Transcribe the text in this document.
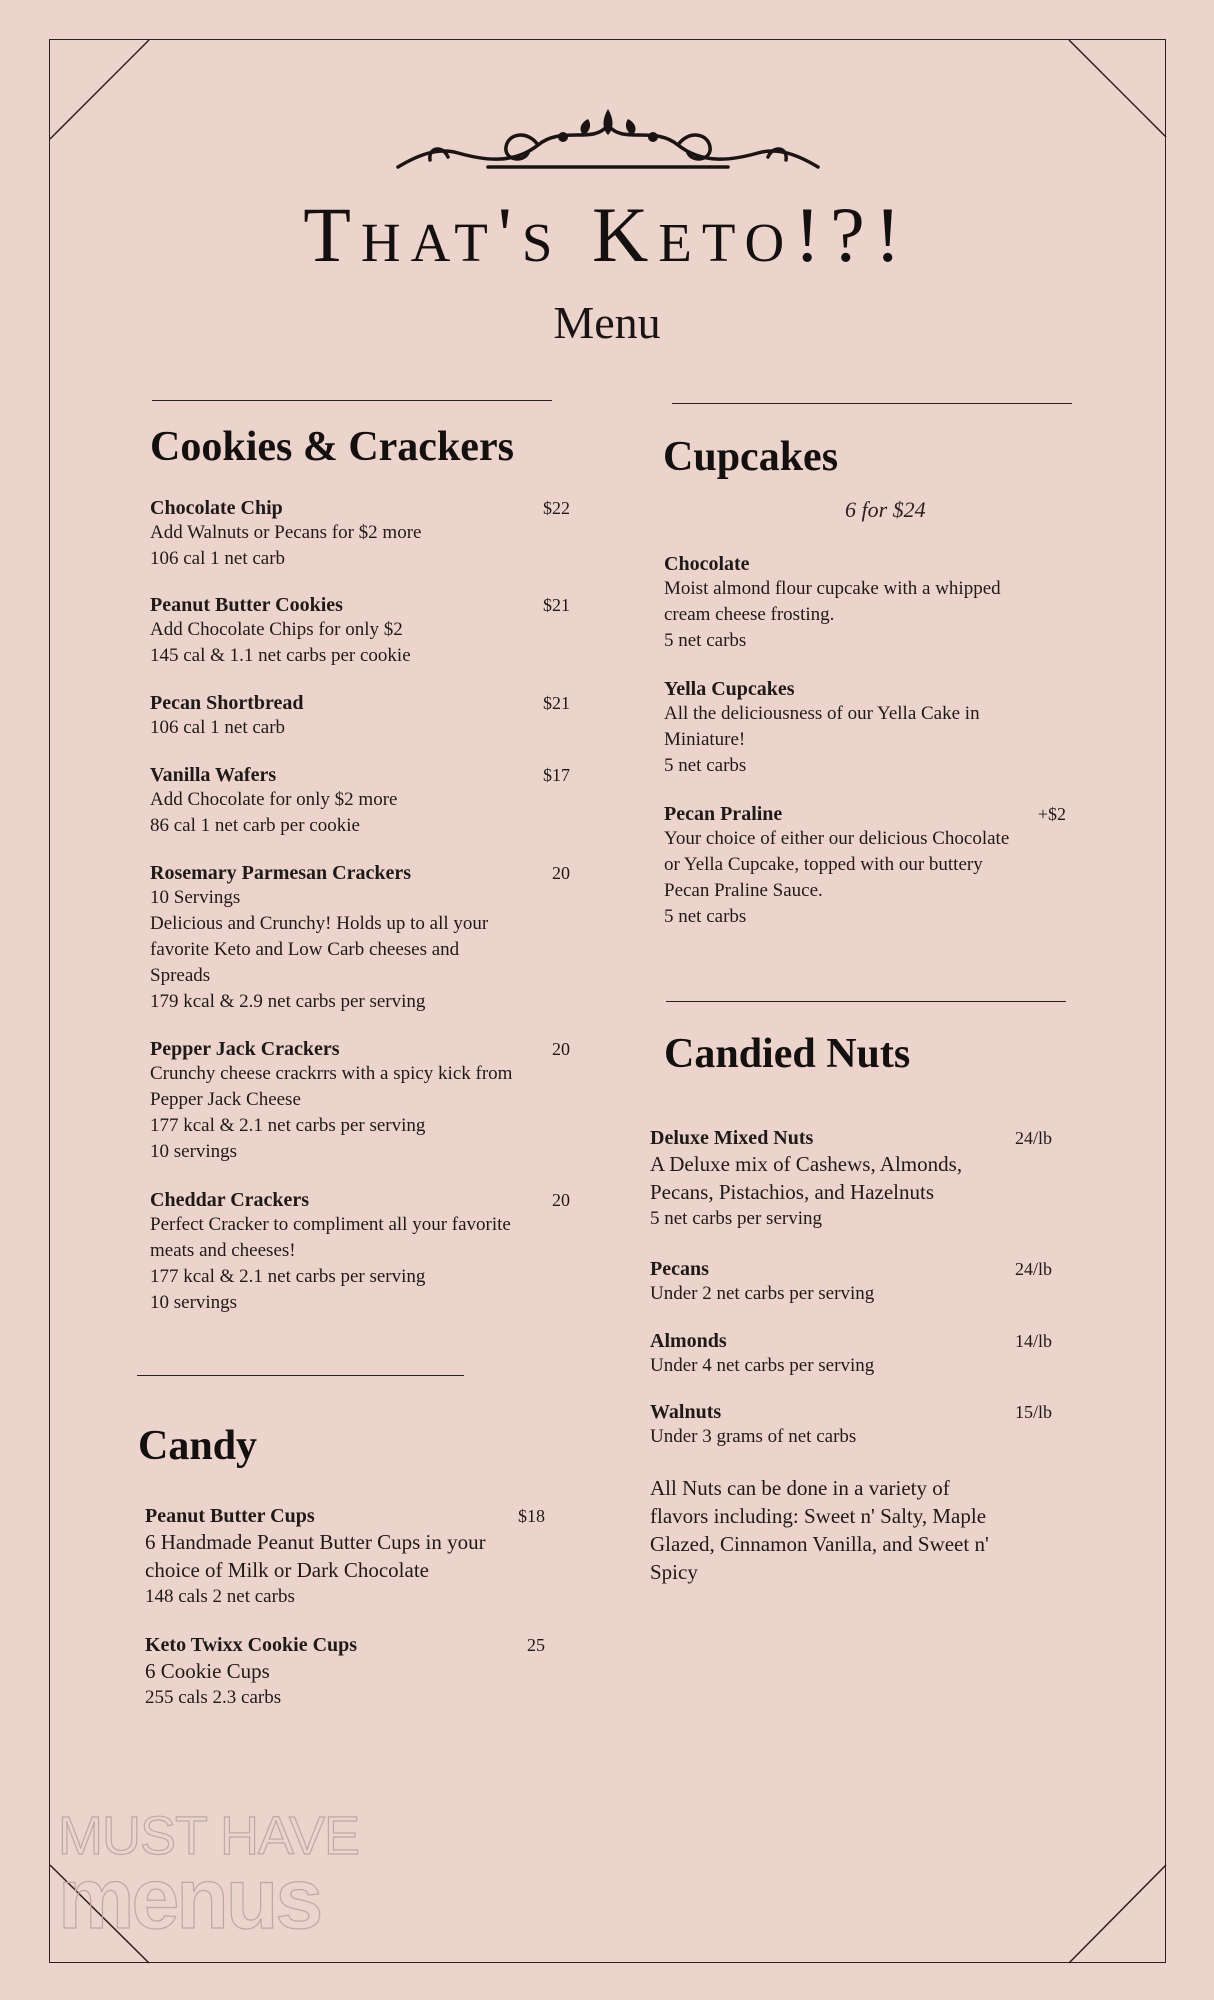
That's Keto!?!
Menu
Cookies & Crackers
Chocolate Chip	$22
Add Walnuts or Pecans for $2 more
106 cal 1 net carb
Peanut Butter Cookies	$21
Add Chocolate Chips for only $2
145 cal & 1.1 net carbs per cookie
Pecan Shortbread	$21
106 cal 1 net carb
Vanilla Wafers	$17
Add Chocolate for only $2 more
86 cal 1 net carb per cookie
Rosemary Parmesan Crackers	20
10 Servings
Delicious and Crunchy! Holds up to all your
favorite Keto and Low Carb cheeses and
Spreads
179 kcal & 2.9 net carbs per serving
Pepper Jack Crackers	20
Crunchy cheese crackrrs with a spicy kick from
Pepper Jack Cheese
177 kcal & 2.1 net carbs per serving
10 servings
Cheddar Crackers	20
Perfect Cracker to compliment all your favorite
meats and cheeses!
177 kcal & 2.1 net carbs per serving
10 servings
Candy
Peanut Butter Cups	$18
6 Handmade Peanut Butter Cups in your
choice of Milk or Dark Chocolate
148 cals 2 net carbs
Keto Twixx Cookie Cups	25
6 Cookie Cups
255 cals 2.3 carbs
Cupcakes
6 for $24
Chocolate
Moist almond flour cupcake with a whipped
cream cheese frosting.
5 net carbs
Yella Cupcakes
All the deliciousness of our Yella Cake in
Miniature!
5 net carbs
Pecan Praline	+$2
Your choice of either our delicious Chocolate
or Yella Cupcake, topped with our buttery
Pecan Praline Sauce.
5 net carbs
Candied Nuts
Deluxe Mixed Nuts	24/lb
A Deluxe mix of Cashews, Almonds,
Pecans, Pistachios, and Hazelnuts
5 net carbs per serving
Pecans	24/lb
Under 2 net carbs per serving
Almonds	14/lb
Under 4 net carbs per serving
Walnuts	15/lb
Under 3 grams of net carbs
All Nuts can be done in a variety of
flavors including: Sweet n' Salty, Maple
Glazed, Cinnamon Vanilla, and Sweet n'
Spicy
MUST HAVE
menus
